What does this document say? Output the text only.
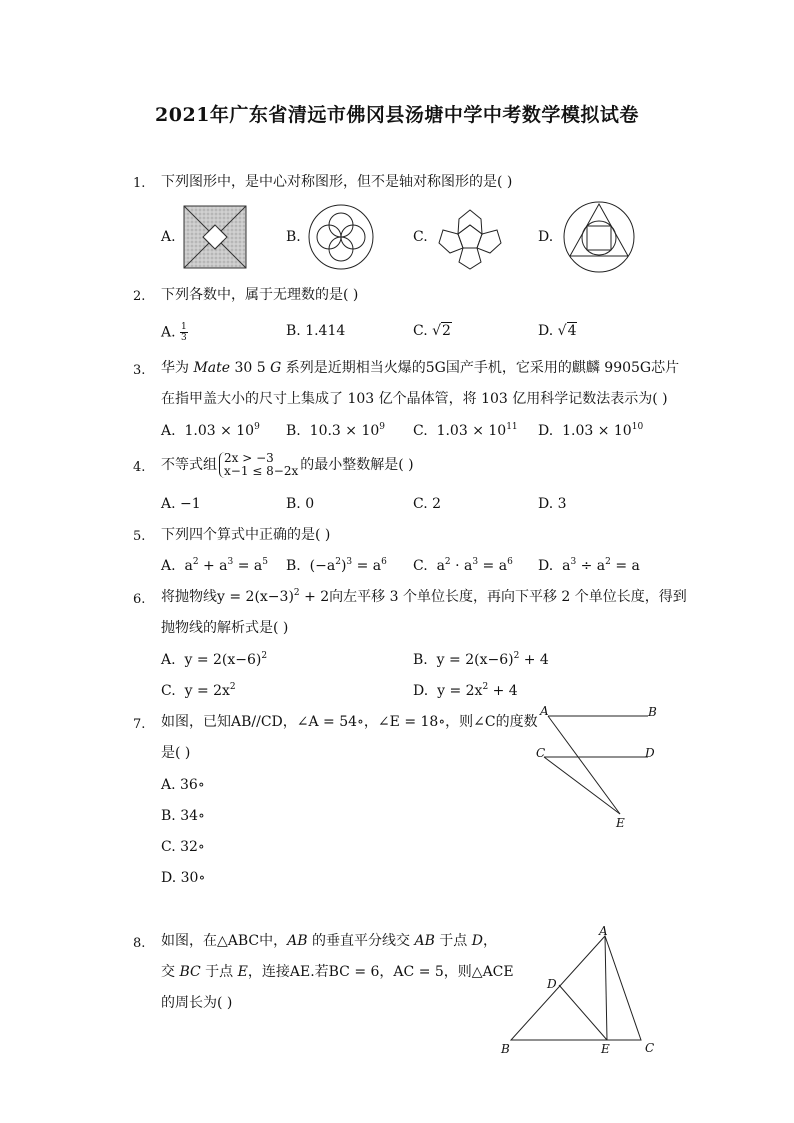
2021年广东省清远市佛冈县汤塘中学中考数学模拟试卷
1. 下列图形中，是中心对称图形，但不是轴对称图形的是( )
A.	B.	C.	D.
2. 下列各数中，属于无理数的是( )
A. $\frac{1}{3}$	B. 1.414	C. √2	D. √4
3. 华为 Mate 30 5 G 系列是近期相当火爆的5G国产手机，它采用的麒麟 9905G芯片
在指甲盖大小的尺寸上集成了 103 亿个晶体管，将 103 亿用科学记数法表示为( )
A. $1.03 \times 10^9$ B. $10.3 \times 10^9$ C. $1.03 \times 10^{11}$ D. $1.03 \times 10^{10}$
4. 不等式组 2x > −3
x−1 ≤ 8−2x 的最小整数解是( )
A. −1	B. 0	C. 2	D. 3
5. 下列四个算式中正确的是( )
A.  $a^2 + a^3 = a^5$ B.  $(-a^2)^3 = a^6$ C.  $a^2 \cdot a^3 = a^6$ D.  $a^3 \div a^2 = a$
6. 将抛物线$y = 2(x-3)^2 + 2$向左平移 3 个单位长度，再向下平移 2 个单位长度，得到
抛物线的解析式是( )
A. $y = 2(x-6)^2$	B. $y = 2(x-6)^2 + 4$
C. $y = 2x^2$	D. $y = 2x^2 + 4$
7. 如图，已知AB//CD，∠A = 54∘，∠E = 18∘，则∠C的度数
是( )
A. 36∘
B. 34∘
C. 32∘
D. 30∘
A	B
C	D
E
8. 如图，在△ABC中，AB 的垂直平分线交 AB 于点 D，
交 BC 于点 E，连接AE.若BC = 6，AC = 5，则△ACE
的周长为( )
A
B	C
D
E
